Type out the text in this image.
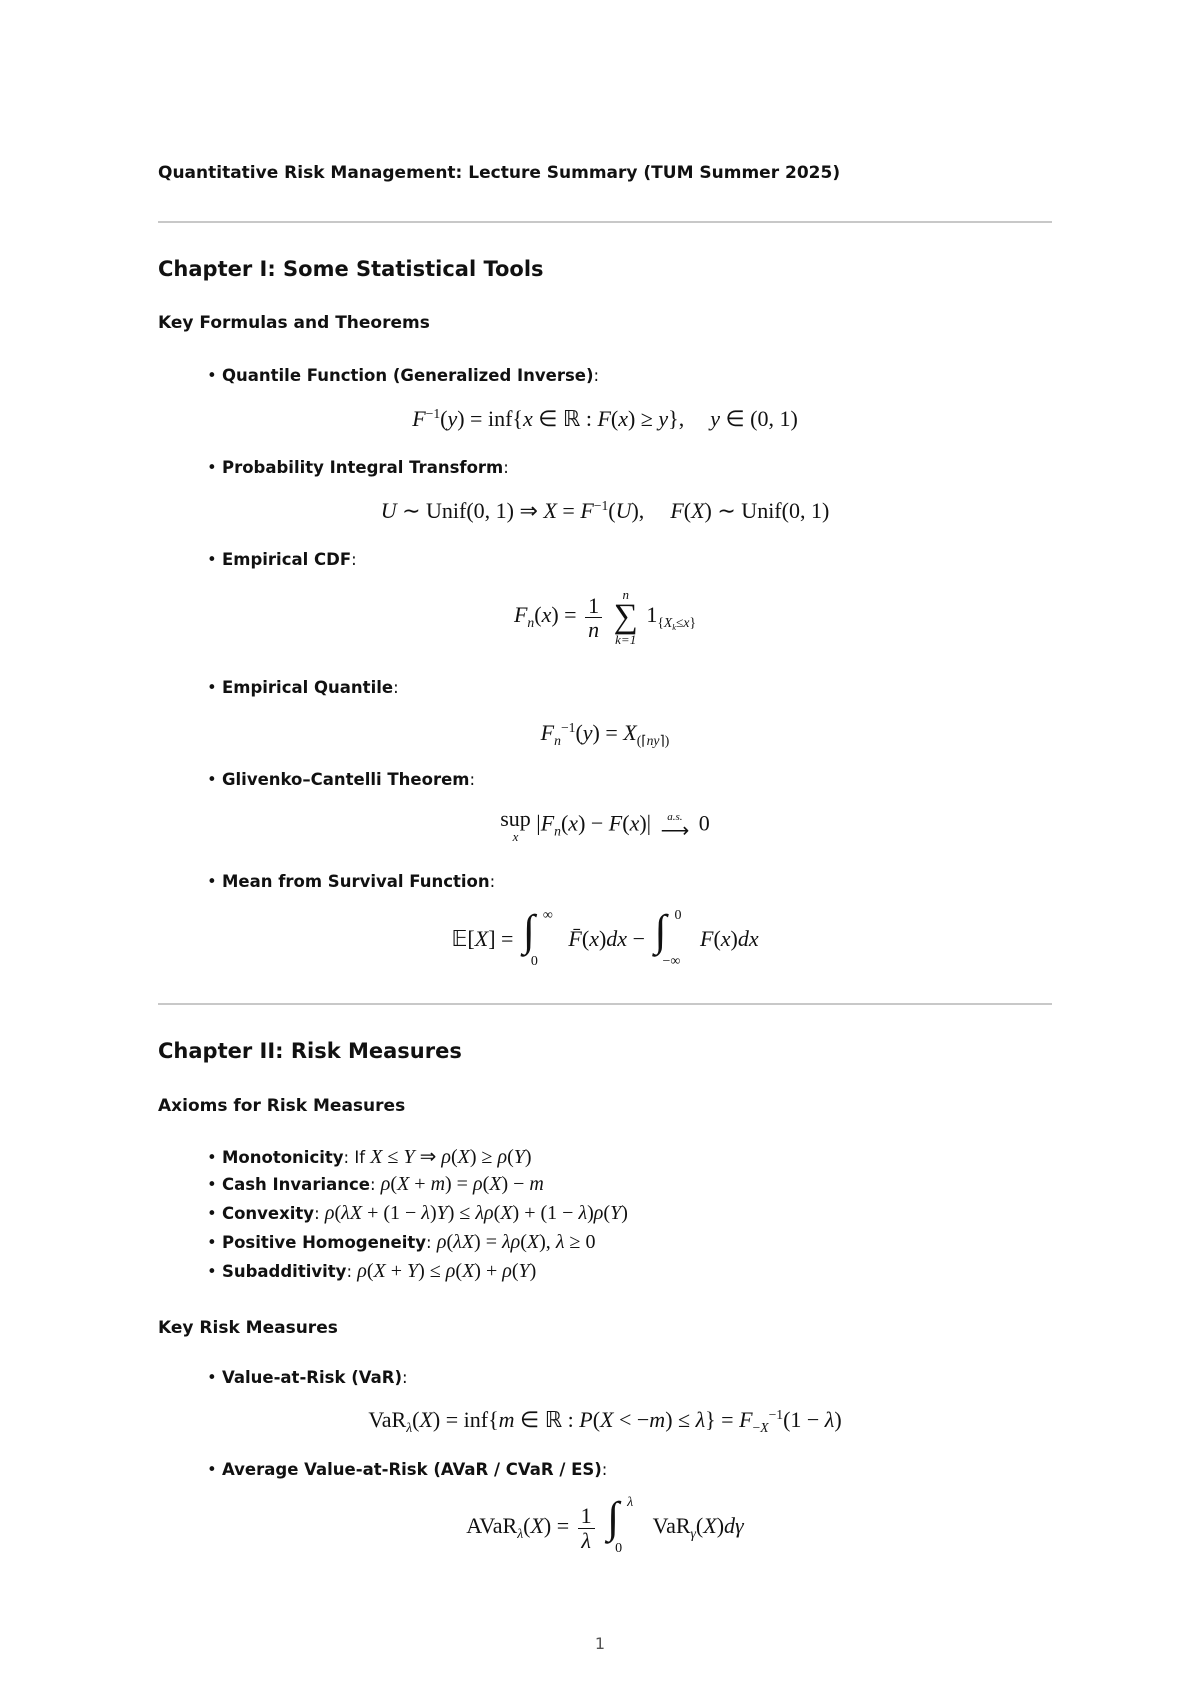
Quantitative Risk Management: Lecture Summary (TUM Summer 2025)
Chapter I: Some Statistical Tools
Key Formulas and Theorems
• Quantile Function (Generalized Inverse):
$F^{-1}(y) = inf\{x$ ∈ ℝ : F(x) ≥ y}, y ∈ (0, 1)
• Probability Integral Transform:
U ∼ Unif(0, 1) ⇒ $X = F^{-1}(U)$, F(X) ∼ Unif(0, 1)
• Empirical CDF:
$F_n(x) = \frac{1}{n}$
n
∑
k=1
$1_{\{X_k\le x\}}$
• Empirical Quantile:
$F_n^{-1}(y) = X_{(⌈ny⌉)}$
• Glivenko–Cantelli Theorem:
sup
x
$|F_n(x) - F(x)|$ a.s.
⟶ 0
• Mean from Survival Function:
𝔼[X] = ∫ ∞
0
F̄(x)dx − ∫ 0
−∞
F(x)dx
Chapter II: Risk Measures
Axioms for Risk Measures
• Monotonicity: If X ≤ Y ⇒ ρ(X) ≥ ρ(Y)
• Cash Invariance: ρ(X + m) = ρ(X) − m
• Convexity: ρ(λX + (1 − λ)Y) ≤ λρ(X) + (1 − λ)ρ(Y)
• Positive Homogeneity: ρ(λX) = λρ(X), λ ≥ 0
• Subadditivity: ρ(X + Y) ≤ ρ(X) + ρ(Y)
Key Risk Measures
• Value-at-Risk (VaR):
VaR$_\lambda$(X) = inf{m ∈ ℝ : $P(X < -m) \le \lambda\} = F_{-X}^{-1}(1 - \lambda)$
• Average Value-at-Risk (AVaR / CVaR / ES):
AVaR$_\lambda$(X) = $\frac{1}{\lambda}$
∫ λ
0
VaR$_\gamma$(X)dγ
1
